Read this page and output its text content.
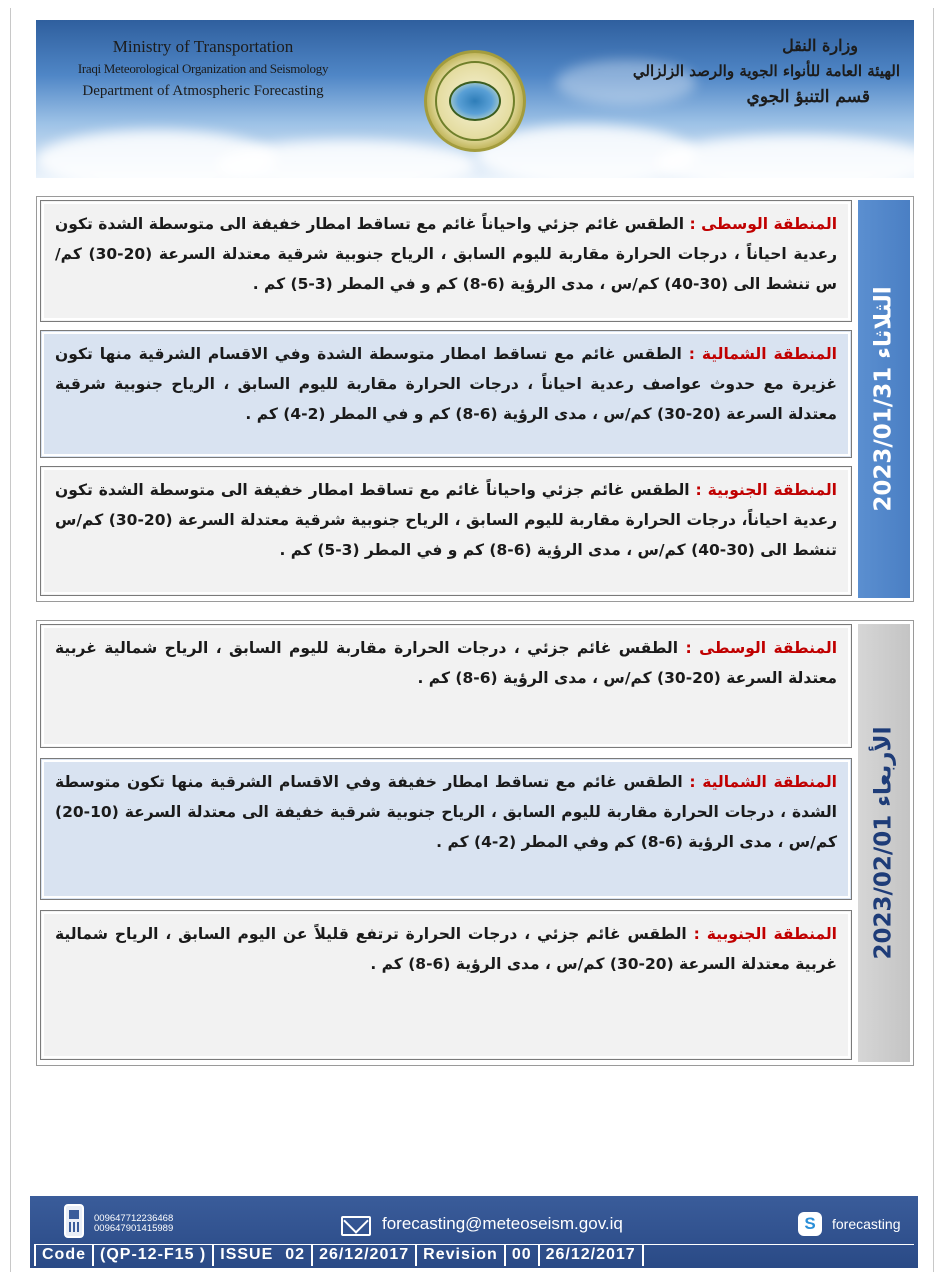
Ministry of Transportation
Iraqi Meteorological Organization and Seismology
Department of Atmospheric Forecasting
وزارة النقل
الهيئة العامة للأنواء الجوية والرصد الزلزالي
قسم التنبؤ الجوي
الثلاثاء 2023/01/31
المنطقة الوسطى : الطقس غائم جزئي واحياناً غائم مع تساقط امطار خفيفة الى متوسطة الشدة تكون رعدية احياناً ، درجات الحرارة مقاربة لليوم السابق ، الرياح جنوبية شرقية معتدلة السرعة (20-30) كم/س تنشط الى (30-40) كم/س ، مدى الرؤية (6-8) كم و في المطر (3-5) كم .
المنطقة الشمالية : الطقس غائم مع تساقط امطار متوسطة الشدة وفي الاقسام الشرقية منها تكون غزيرة مع حدوث عواصف رعدية احياناً ، درجات الحرارة مقاربة لليوم السابق ، الرياح جنوبية شرقية معتدلة السرعة (20-30) كم/س ، مدى الرؤية (6-8) كم و في المطر (2-4) كم .
المنطقة الجنوبية : الطقس غائم جزئي واحياناً غائم مع تساقط امطار خفيفة الى متوسطة الشدة تكون رعدية احياناً، درجات الحرارة مقاربة لليوم السابق ، الرياح جنوبية شرقية معتدلة السرعة (20-30) كم/س تنشط الى (30-40) كم/س ، مدى الرؤية (6-8) كم و في المطر (3-5) كم .
الأربعاء 2023/02/01
المنطقة الوسطى : الطقس غائم جزئي ، درجات الحرارة مقاربة لليوم السابق ، الرياح شمالية غربية معتدلة السرعة (20-30) كم/س ، مدى الرؤية (6-8) كم .
المنطقة الشمالية : الطقس غائم مع تساقط امطار خفيفة وفي الاقسام الشرقية منها تكون متوسطة الشدة ، درجات الحرارة مقاربة لليوم السابق ، الرياح جنوبية شرقية خفيفة الى معتدلة السرعة (10-20) كم/س ، مدى الرؤية (6-8) كم وفي المطر (2-4) كم .
المنطقة الجنوبية : الطقس غائم جزئي ، درجات الحرارة ترتفع قليلاً عن اليوم السابق ، الرياح شمالية غربية معتدلة السرعة (20-30) كم/س ، مدى الرؤية (6-8) كم .
009647712236468
009647901415989	forecasting@meteoseism.gov.iq	S	forecasting
Code (QP-12-F15 ) ISSUE 02 26/12/2017 Revision 00 26/12/2017
